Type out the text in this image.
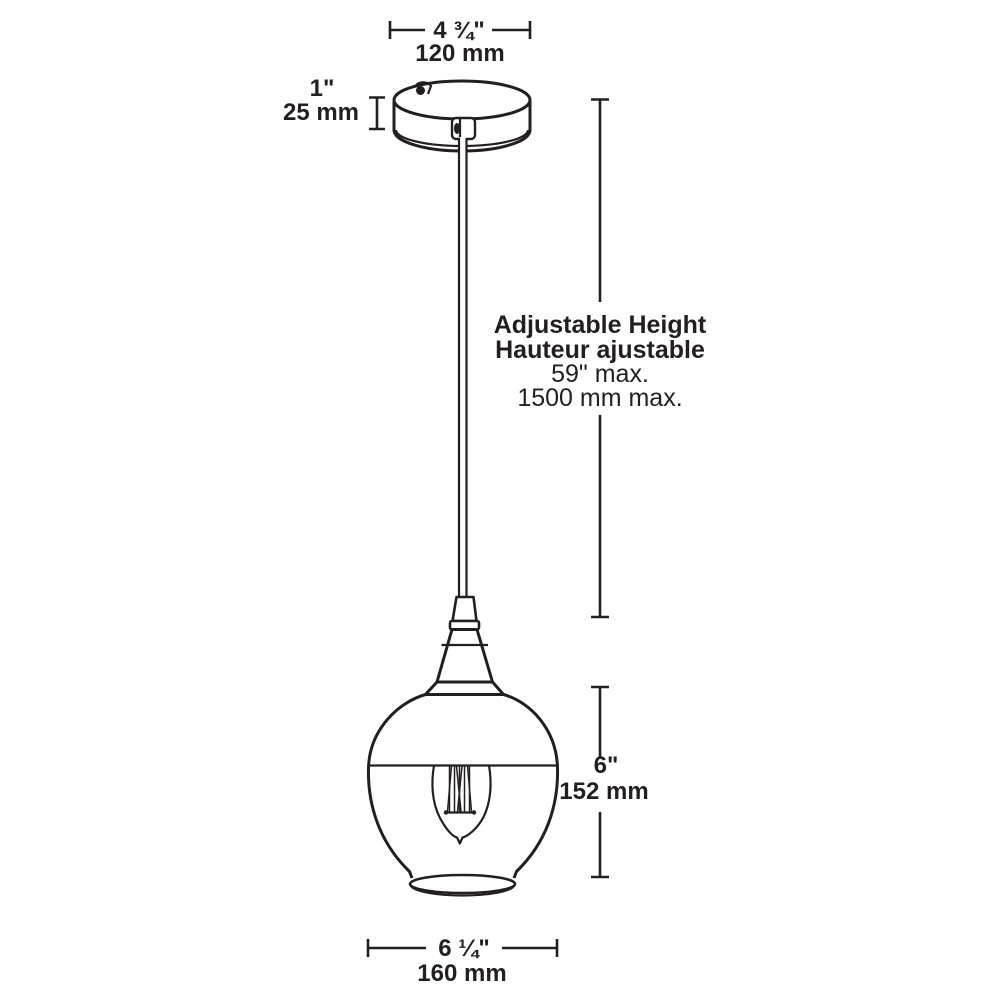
4 ¾"
120 mm
1"
25 mm
Adjustable Height
Hauteur ajustable
59" max.
1500 mm max.
6"
152 mm
6 ¼"
160 mm
